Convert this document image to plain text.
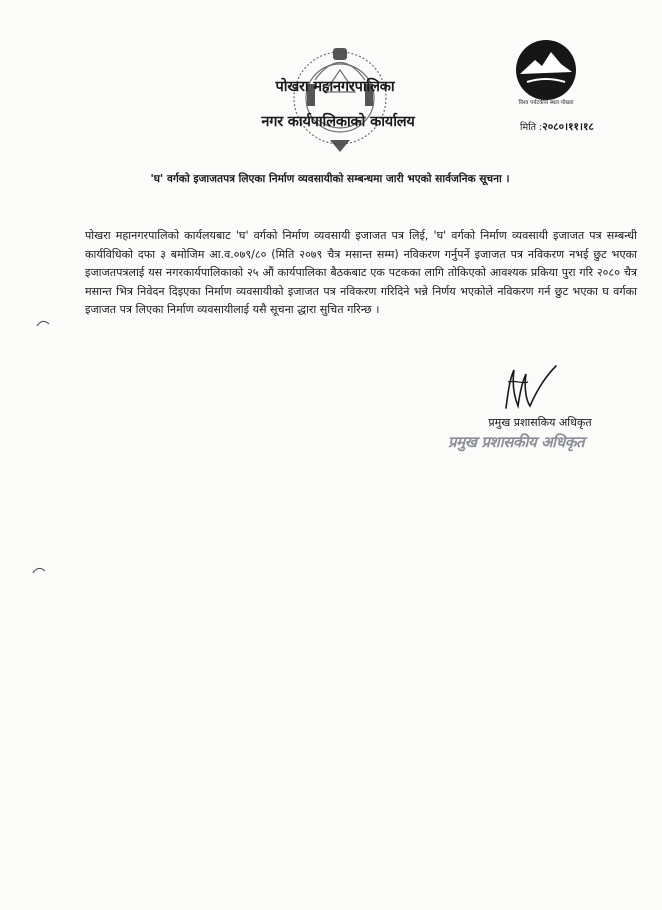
विश्व पर्यटकीय स्थल पोखरा
पोखरा महानगरपालिका
नगर कार्यपालिकाको कार्यालय	मिति :२०८०।११।१८
'घ' वर्गको इजाजतपत्र लिएका निर्माण व्यवसायीको सम्बन्धमा जारी भएको सार्वजनिक सूचना ।
पोखरा महानगरपालिको कार्यलयबाट 'घ' वर्गको निर्माण व्यवसायी इजाजत पत्र लिई, 'घ' वर्गको निर्माण व्यवसायी इजाजत पत्र सम्बन्धी कार्यविधिको दफा ३ बमोजिम आ.व.०७९/८० (मिति २०७९ चैत्र मसान्त सम्म) नविकरण गर्नुपर्ने इजाजत पत्र नविकरण नभई छुट भएका इजाजतपत्रलाई यस नगरकार्यपालिकाको २५ औं कार्यपालिका बैठकबाट एक पटकका लागि तोकिएको आवश्यक प्रकिया पुरा गरि २०८० चैत्र मसान्त भित्र निवेदन दिइएका निर्माण व्यवसायीको इजाजत पत्र नविकरण गरिदिने भन्ने निर्णय भएकोले नविकरण गर्न छुट भएका घ वर्गका इजाजत पत्र लिएका निर्माण व्यवसायीलाई यसै सूचना द्धारा सुचित गरिन्छ ।
प्रमुख प्रशासकिय अधिकृत
प्रमुख प्रशासकीय अधिकृत
